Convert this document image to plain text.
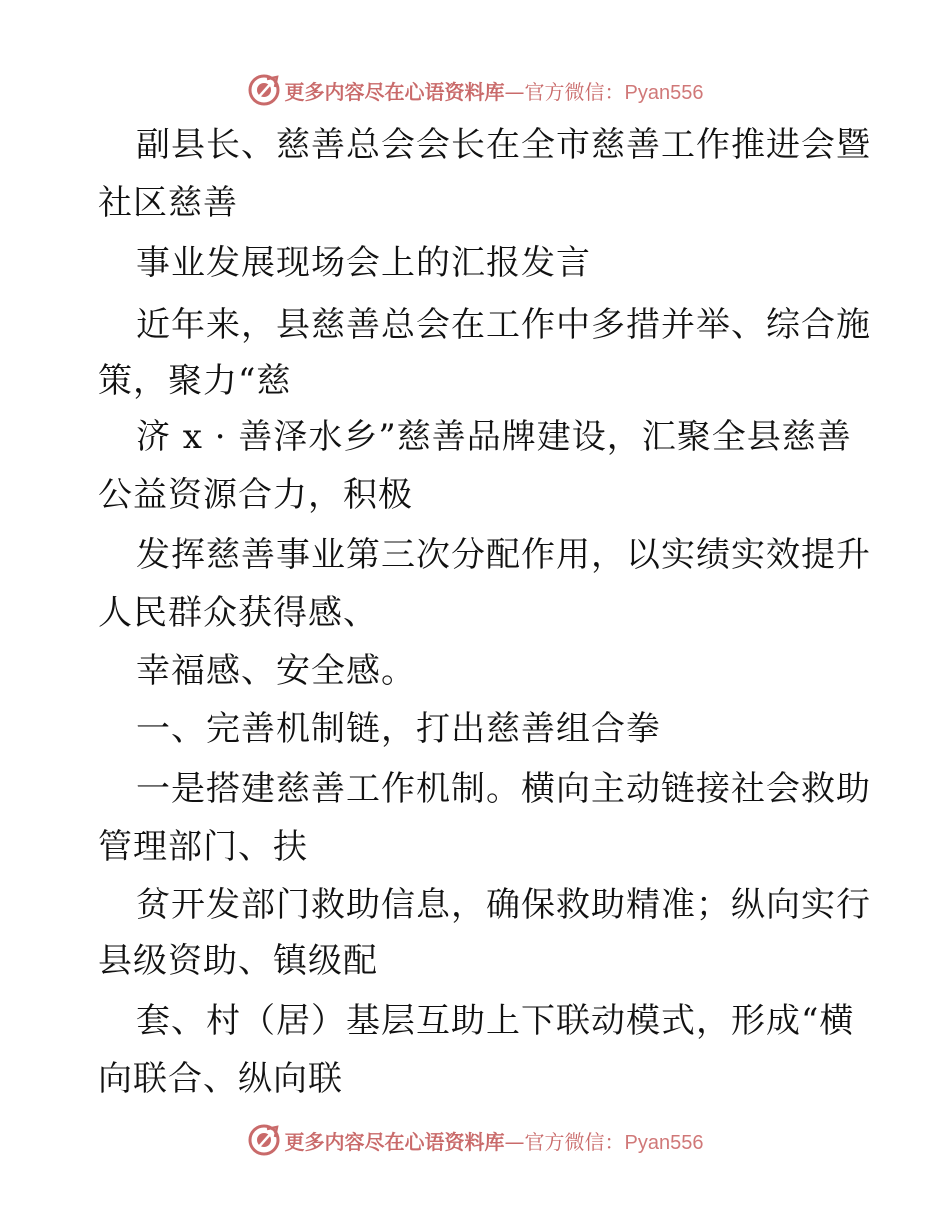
更多内容尽在心语资料库—官方微信：Pyan556
副县长、慈善总会会长在全市慈善工作推进会暨
社区慈善
事业发展现场会上的汇报发言
近年来，县慈善总会在工作中多措并举、综合施
策，聚力“慈
济 x · 善泽水乡”慈善品牌建设，汇聚全县慈善
公益资源合力，积极
发挥慈善事业第三次分配作用，以实绩实效提升
人民群众获得感、
幸福感、安全感。
一、完善机制链，打出慈善组合拳
一是搭建慈善工作机制。横向主动链接社会救助
管理部门、扶
贫开发部门救助信息，确保救助精准；纵向实行
县级资助、镇级配
套、村（居）基层互助上下联动模式，形成“横
向联合、纵向联
更多内容尽在心语资料库—官方微信：Pyan556
